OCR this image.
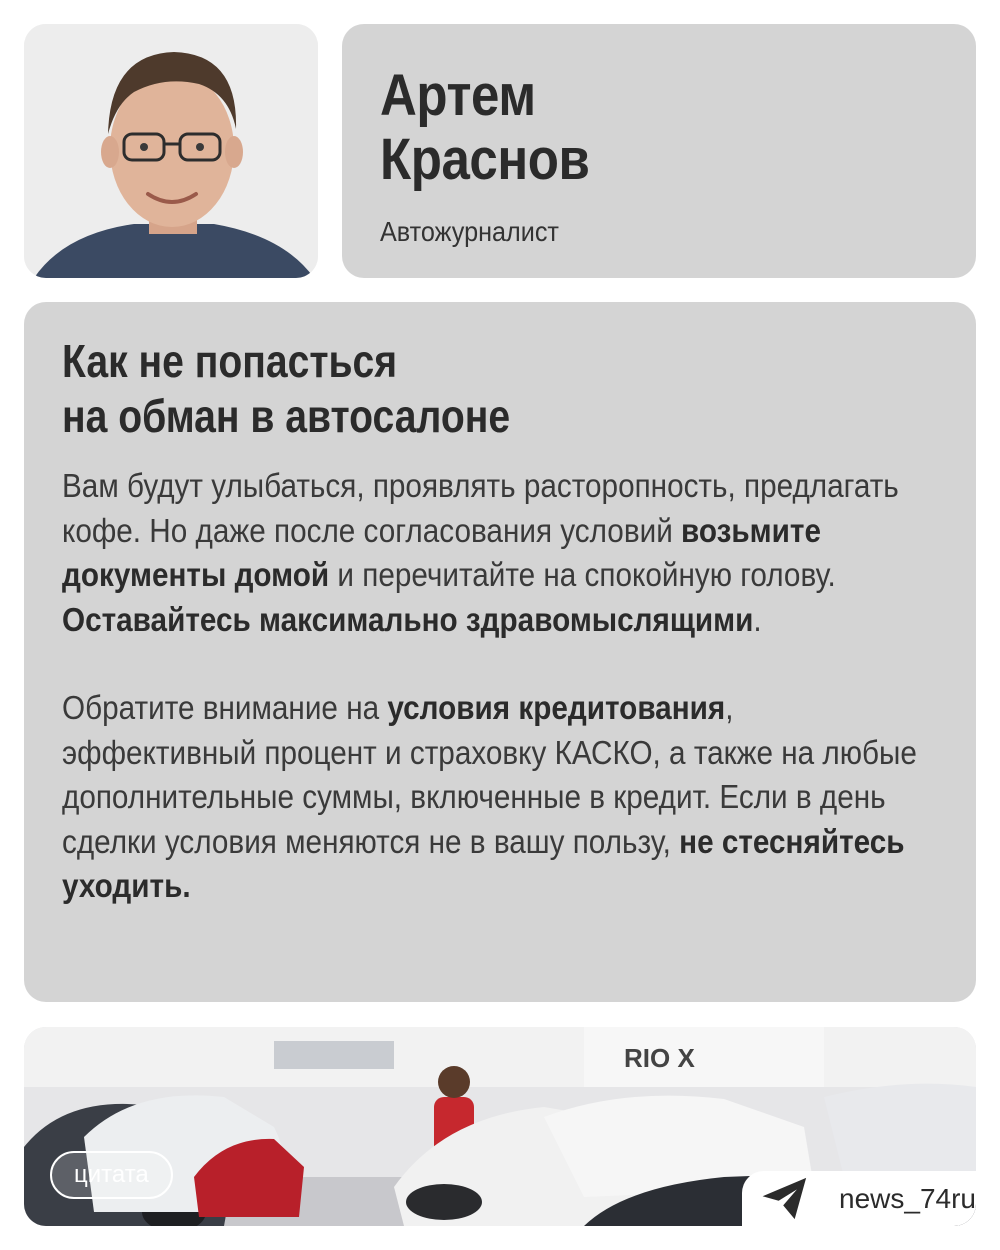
Артем
Краснов
Автожурналист
Как не попасться
на обман в автосалоне

Вам будут улыбаться, проявлять расторопность, предлагать кофе. Но даже после согласования условий возьмите документы домой и перечитайте на спокойную голову. Оставайтесь максимально здравомыслящими.

Обратите внимание на условия кредитования, эффективный процент и страховку КАСКО, а также на любые дополнительные суммы, включенные в кредит. Если в день сделки условия меняются не в вашу пользу, не стесняйтесь уходить.

RIO X
цитата
news_74ru
